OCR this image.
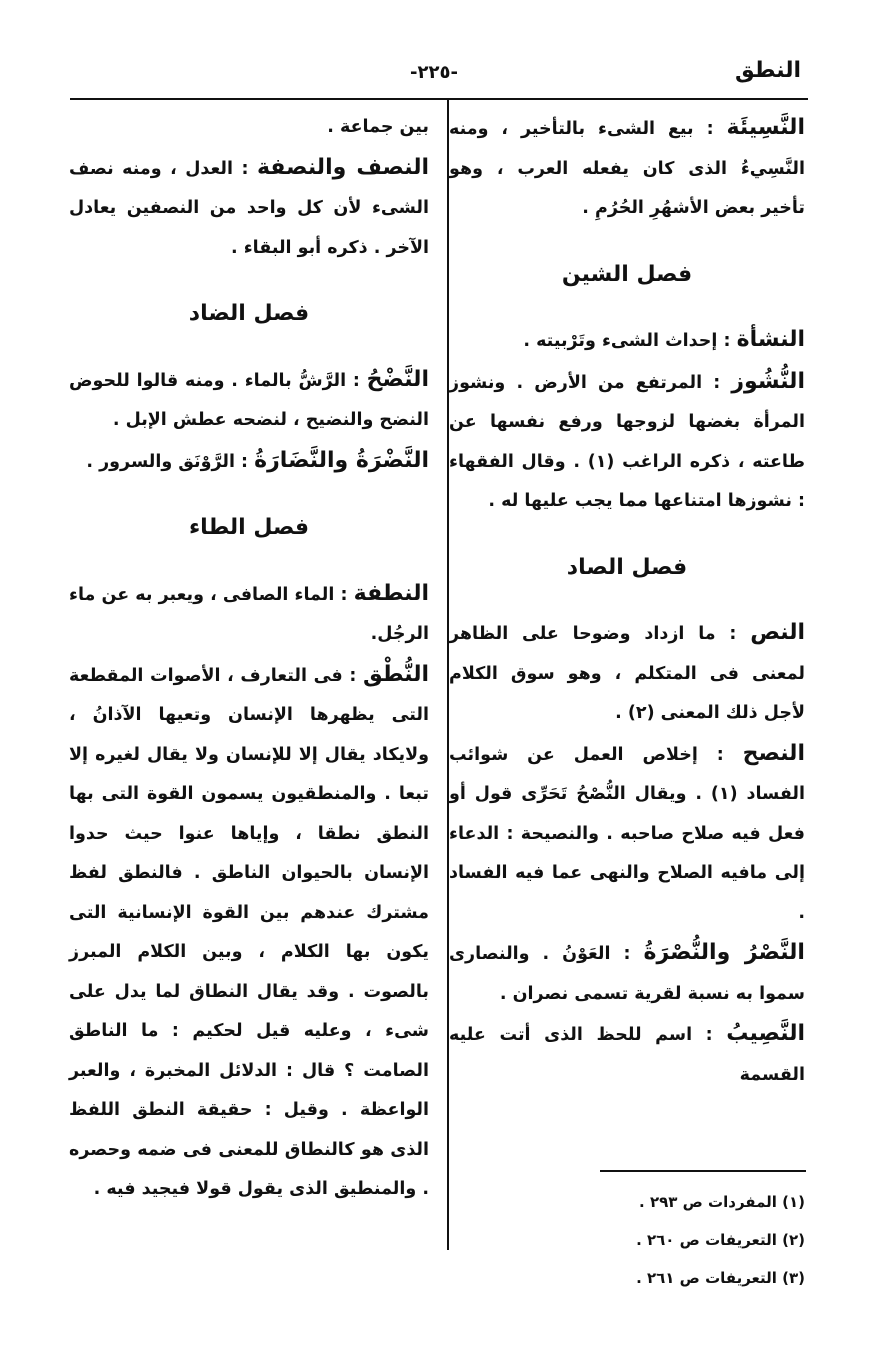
النطق
-٢٢٥-

النَّسِيئَة : بيع الشىء بالتأخير ، ومنه النَّسِيءُ الذى كان يفعله العرب ، وهو تأخير بعض الأشهُرِ الحُرُمِ .

فصل الشين

النشأة : إحداث الشىء وتَرْبيته .

النُّشُوز : المرتفع من الأرض . ونشوز المرأة بغضها لزوجها ورفع نفسها عن طاعته ، ذكره الراغب (١) . وقال الفقهاء : نشوزها امتناعها مما يجب عليها له .

فصل الصاد

النص : ما ازداد وضوحا على الظاهر لمعنى فى المتكلم ، وهو سوق الكلام لأجل ذلك المعنى (٢) .

النصح : إخلاص العمل عن شوائب الفساد (١) . ويقال النُّصْحُ تَحَرِّى قول أو فعل فيه صلاح صاحبه . والنصيحة : الدعاء إلى مافيه الصلاح والنهى عما فيه الفساد .

النَّصْرُ والنُّصْرَةُ : العَوْنُ . والنصارى سموا به نسبة لقرية تسمى نصران .

النَّصِيبُ : اسم للحظ الذى أتت عليه القسمة

بين جماعة .

النصف والنصفة : العدل ، ومنه نصف الشىء لأن كل واحد من النصفين يعادل الآخر . ذكره أبو البقاء .

فصل الضاد

النَّضْحُ : الرَّشُّ بالماء . ومنه قالوا للحوض النضح والنضيح ، لنضحه عطش الإبل .

النَّضْرَةُ والنَّضَارَةُ : الرَّوْنَق والسرور .

فصل الطاء

النطفة : الماء الصافى ، ويعبر به عن ماء الرجُل.

النُّطْق : فى التعارف ، الأصوات المقطعة التى يظهرها الإنسان وتعيها الآذانُ ، ولايكاد يقال إلا للإنسان ولا يقال لغيره إلا تبعا . والمنطقيون يسمون القوة التى بها النطق نطقا ، وإياها عنوا حيث حدوا الإنسان بالحيوان الناطق . فالنطق لفظ مشترك عندهم بين القوة الإنسانية التى يكون بها الكلام ، وبين الكلام المبرز بالصوت . وقد يقال النطاق لما يدل على شىء ، وعليه قيل لحكيم : ما الناطق الصامت ؟ قال : الدلائل المخبرة ، والعبر الواعظة . وقيل : حقيقة النطق اللفظ الذى هو كالنطاق للمعنى فى ضمه وحصره . والمنطيق الذى يقول قولا فيجيد فيه .

(١) المفردات ص ٢٩٣ .

(٢) التعريفات ص ٢٦٠ .

(٣) التعريفات ص ٢٦١ .
